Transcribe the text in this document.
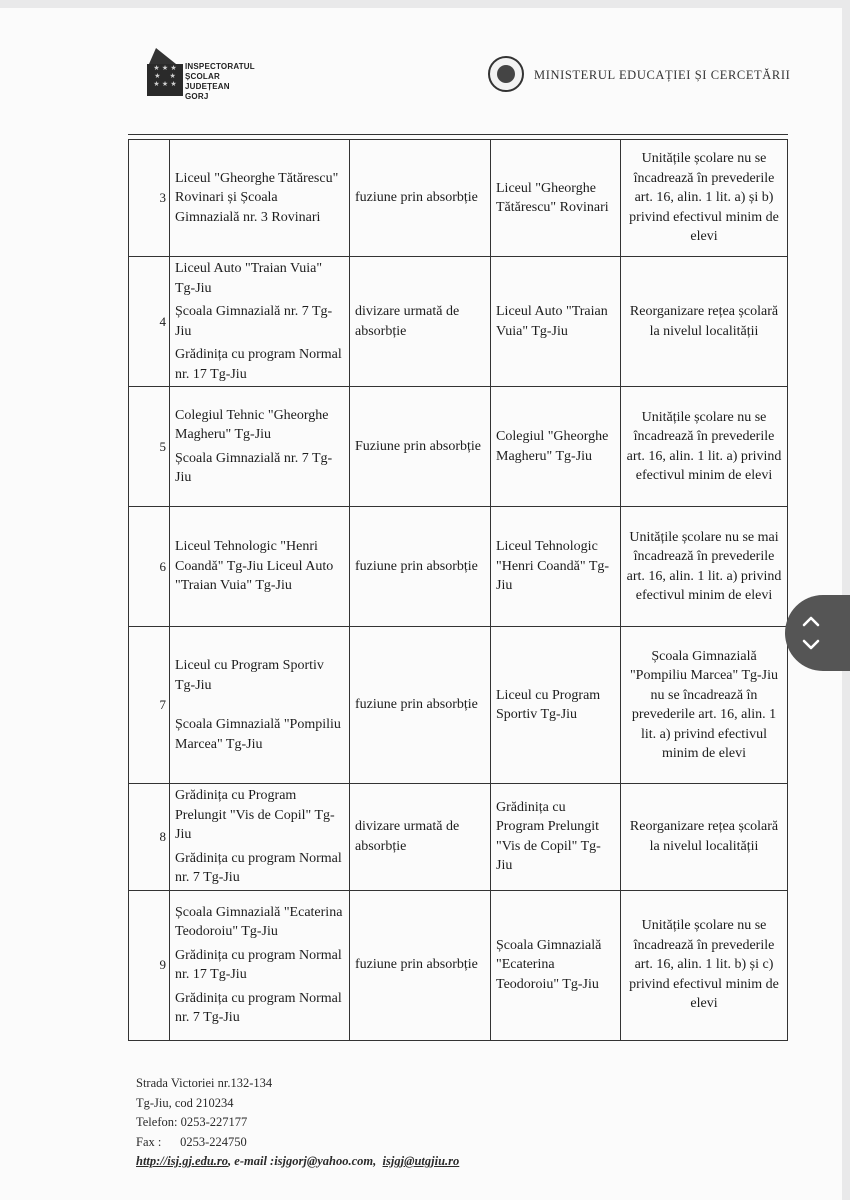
★ ★ ★
★    ★
★ ★ ★
INSPECTORATUL
ȘCOLAR
JUDEȚEAN
GORJ
MINISTERUL EDUCAȚIEI ȘI CERCETĂRII
3	Liceul "Gheorghe Tătărescu" Rovinari și Școala Gimnazială nr. 3 Rovinari	fuziune prin absorbție	Liceul "Gheorghe Tătărescu" Rovinari	Unitățile școlare nu se încadrează în prevederile art. 16, alin. 1 lit. a) și b) privind efectivul minim de elevi
4	Liceul Auto "Traian Vuia" Tg-Jiu
Școala Gimnazială nr. 7 Tg-Jiu
Grădinița cu program Normal nr. 17 Tg-Jiu	divizare urmată de absorbție	Liceul Auto "Traian Vuia" Tg-Jiu	Reorganizare rețea școlară la nivelul localității
5	Colegiul Tehnic "Gheorghe Magheru" Tg-Jiu
Școala Gimnazială nr. 7 Tg-Jiu	Fuziune prin absorbție	Colegiul "Gheorghe Magheru" Tg-Jiu	Unitățile școlare nu se încadrează în prevederile art. 16, alin. 1 lit. a) privind efectivul minim de elevi
6	Liceul Tehnologic "Henri Coandă" Tg-Jiu Liceul Auto "Traian Vuia" Tg-Jiu	fuziune prin absorbție	Liceul Tehnologic "Henri Coandă" Tg-Jiu	Unitățile școlare nu se mai încadrează în prevederile art. 16, alin. 1 lit. a) privind efectivul minim de elevi
7	Liceul cu Program Sportiv Tg-Jiu
Școala Gimnazială "Pompiliu Marcea" Tg-Jiu	fuziune prin absorbție	Liceul cu Program Sportiv Tg-Jiu	Școala Gimnazială "Pompiliu Marcea" Tg-Jiu nu se încadrează în prevederile art. 16, alin. 1 lit. a) privind efectivul minim de elevi
8	Grădinița cu Program Prelungit "Vis de Copil" Tg-Jiu
Grădinița cu program Normal nr. 7 Tg-Jiu	divizare urmată de absorbție	Grădinița cu Program Prelungit "Vis de Copil" Tg-Jiu	Reorganizare rețea școlară la nivelul localității
9	Școala Gimnazială "Ecaterina Teodoroiu" Tg-Jiu
Grădinița cu program Normal nr. 17 Tg-Jiu
Grădinița cu program Normal nr. 7 Tg-Jiu	fuziune prin absorbție	Școala Gimnazială "Ecaterina Teodoroiu" Tg-Jiu	Unitățile școlare nu se încadrează în prevederile art. 16, alin. 1 lit. b) și c) privind efectivul minim de elevi
Strada Victoriei nr.132-134
Tg-Jiu, cod 210234
Telefon: 0253-227177
Fax :      0253-224750
http://isj.gj.edu.ro, e-mail :isjgorj@yahoo.com, isjgj@utgjiu.ro
